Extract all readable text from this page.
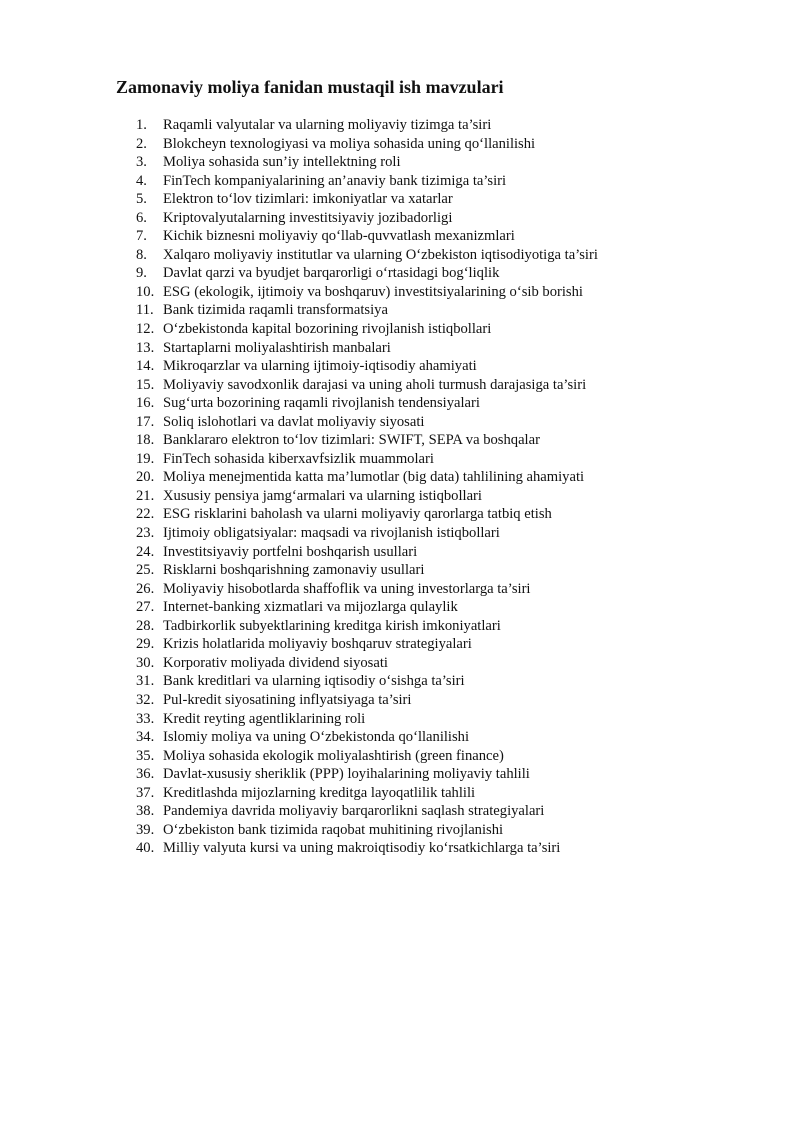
Zamonaviy moliya fanidan mustaqil ish mavzulari
1.	Raqamli valyutalar va ularning moliyaviy tizimga ta’siri
2.	Blokcheyn texnologiyasi va moliya sohasida uning qo‘llanilishi
3.	Moliya sohasida sun’iy intellektning roli
4.	FinTech kompaniyalarining an’anaviy bank tizimiga ta’siri
5.	Elektron to‘lov tizimlari: imkoniyatlar va xatarlar
6.	Kriptovalyutalarning investitsiyaviy jozibadorligi
7.	Kichik biznesni moliyaviy qo‘llab-quvvatlash mexanizmlari
8.	Xalqaro moliyaviy institutlar va ularning O‘zbekiston iqtisodiyotiga ta’siri
9.	Davlat qarzi va byudjet barqarorligi o‘rtasidagi bog‘liqlik
10. ESG (ekologik, ijtimoiy va boshqaruv) investitsiyalarining o‘sib borishi
11. Bank tizimida raqamli transformatsiya
12. O‘zbekistonda kapital bozorining rivojlanish istiqbollari
13. Startaplarni moliyalashtirish manbalari
14. Mikroqarzlar va ularning ijtimoiy-iqtisodiy ahamiyati
15. Moliyaviy savodxonlik darajasi va uning aholi turmush darajasiga ta’siri
16. Sug‘urta bozorining raqamli rivojlanish tendensiyalari
17. Soliq islohotlari va davlat moliyaviy siyosati
18. Banklararo elektron to‘lov tizimlari: SWIFT, SEPA va boshqalar
19. FinTech sohasida kiberxavfsizlik muammolari
20. Moliya menejmentida katta ma’lumotlar (big data) tahlilining ahamiyati
21. Xususiy pensiya jamg‘armalari va ularning istiqbollari
22. ESG risklarini baholash va ularni moliyaviy qarorlarga tatbiq etish
23. Ijtimoiy obligatsiyalar: maqsadi va rivojlanish istiqbollari
24. Investitsiyaviy portfelni boshqarish usullari
25. Risklarni boshqarishning zamonaviy usullari
26. Moliyaviy hisobotlarda shaffoflik va uning investorlarga ta’siri
27. Internet-banking xizmatlari va mijozlarga qulaylik
28. Tadbirkorlik subyektlarining kreditga kirish imkoniyatlari
29. Krizis holatlarida moliyaviy boshqaruv strategiyalari
30. Korporativ moliyada dividend siyosati
31. Bank kreditlari va ularning iqtisodiy o‘sishga ta’siri
32. Pul-kredit siyosatining inflyatsiyaga ta’siri
33. Kredit reyting agentliklarining roli
34. Islomiy moliya va uning O‘zbekistonda qo‘llanilishi
35. Moliya sohasida ekologik moliyalashtirish (green finance)
36. Davlat-xususiy sheriklik (PPP) loyihalarining moliyaviy tahlili
37. Kreditlashda mijozlarning kreditga layoqatlilik tahlili
38. Pandemiya davrida moliyaviy barqarorlikni saqlash strategiyalari
39. O‘zbekiston bank tizimida raqobat muhitining rivojlanishi
40. Milliy valyuta kursi va uning makroiqtisodiy ko‘rsatkichlarga ta’siri
